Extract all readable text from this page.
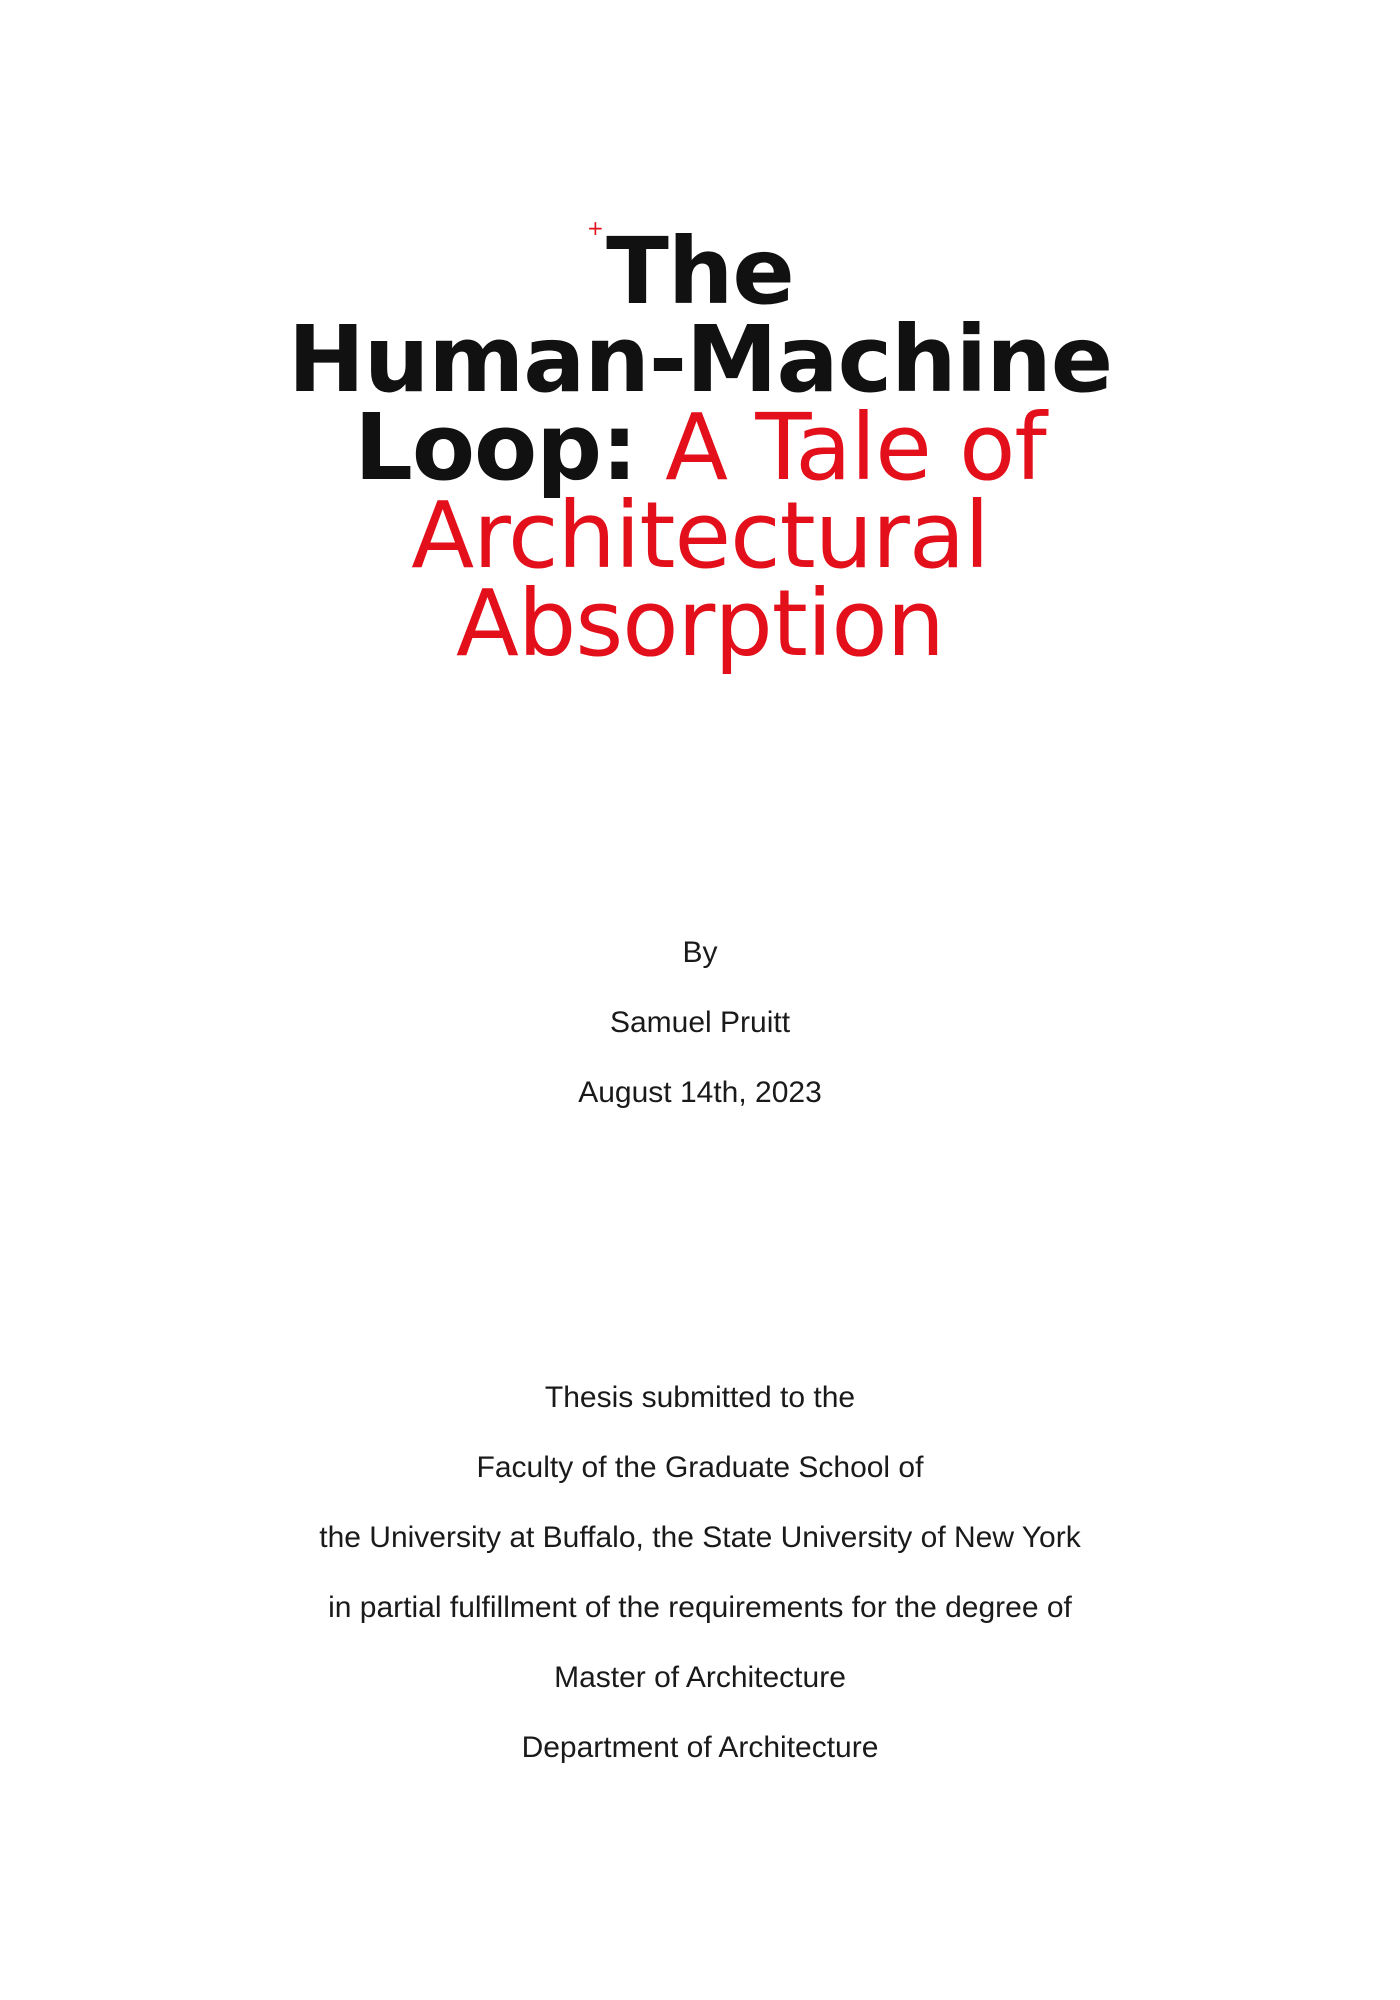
+ The
Human-Machine
Loop: A Tale of
Architectural
Absorption
By
Samuel Pruitt
August 14th, 2023
Thesis submitted to the
Faculty of the Graduate School of
the University at Buffalo, the State University of New York
in partial fulfillment of the requirements for the degree of
Master of Architecture
Department of Architecture
